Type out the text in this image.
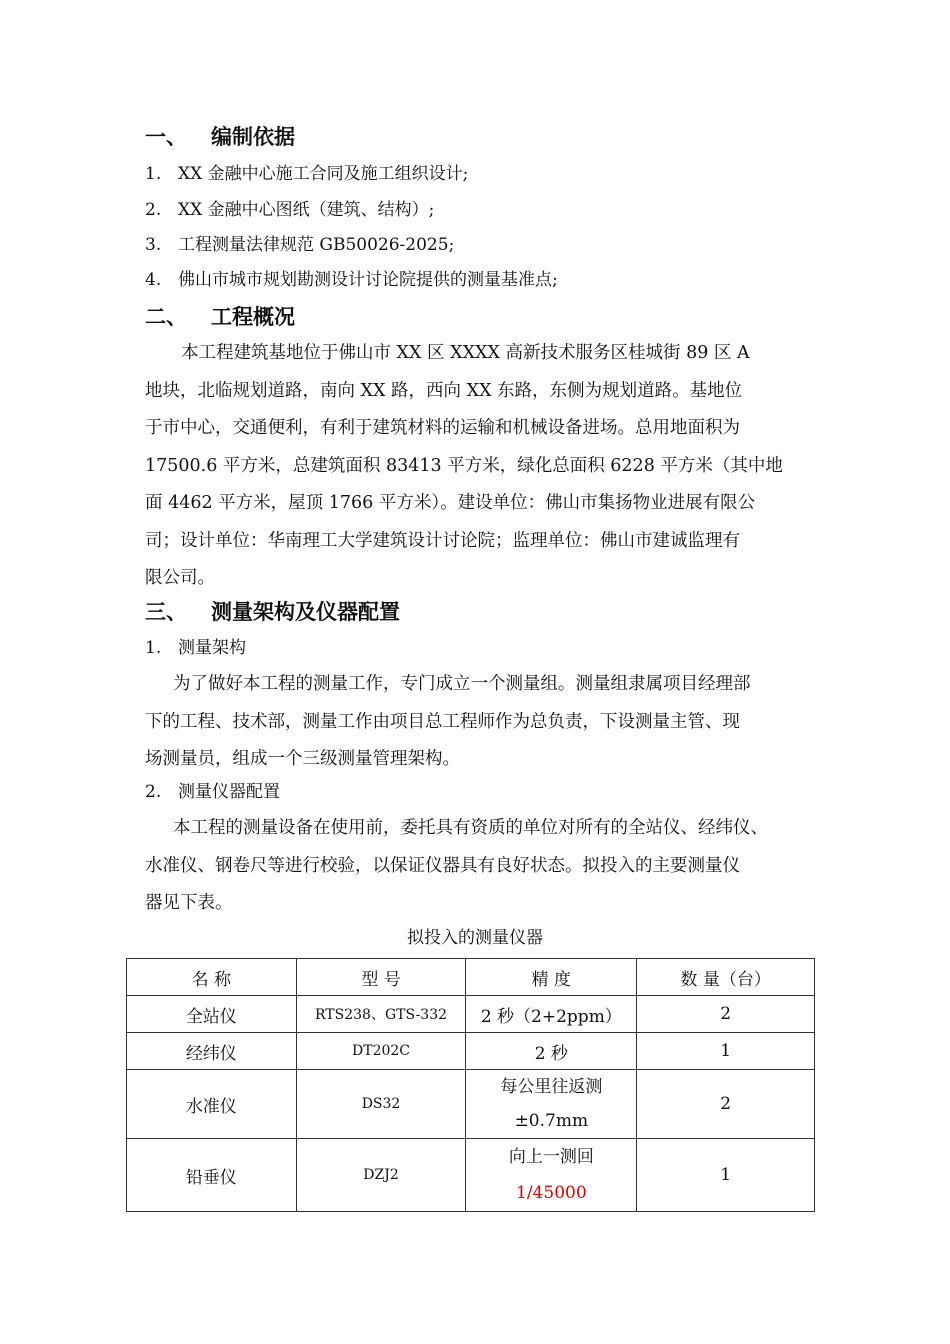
一、 编制依据
1. XX 金融中心施工合同及施工组织设计;
2. XX 金融中心图纸（建筑、结构）;
3. 工程测量法律规范 GB50026-2025;
4. 佛山市城市规划勘测设计讨论院提供的测量基准点;
二、 工程概况
本工程建筑基地位于佛山市 XX 区 XXXX 高新技术服务区桂城街 89 区 A
地块，北临规划道路，南向 XX 路，西向 XX 东路，东侧为规划道路。基地位
于市中心，交通便利，有利于建筑材料的运输和机械设备进场。总用地面积为
17500.6 平方米，总建筑面积 83413 平方米，绿化总面积 6228 平方米（其中地
面 4462 平方米，屋顶 1766 平方米）。建设单位：佛山市集扬物业进展有限公
司；设计单位：华南理工大学建筑设计讨论院；监理单位：佛山市建诚监理有
限公司。
三、 测量架构及仪器配置
1. 测量架构
为了做好本工程的测量工作，专门成立一个测量组。测量组隶属项目经理部
下的工程、技术部，测量工作由项目总工程师作为总负责，下设测量主管、现
场测量员，组成一个三级测量管理架构。
2. 测量仪器配置
本工程的测量设备在使用前，委托具有资质的单位对所有的全站仪、经纬仪、
水准仪、钢卷尺等进行校验，以保证仪器具有良好状态。拟投入的主要测量仪
器见下表。
拟投入的测量仪器
名 称	型 号	精 度	数 量（台）
全站仪	RTS238、GTS-332	2 秒（2+2ppm）	2
经纬仪	DT202C	2 秒	1
水准仪	DS32	每公里往返测
±0.7mm	2
铅垂仪	DZJ2	向上一测回
1/45000	1
